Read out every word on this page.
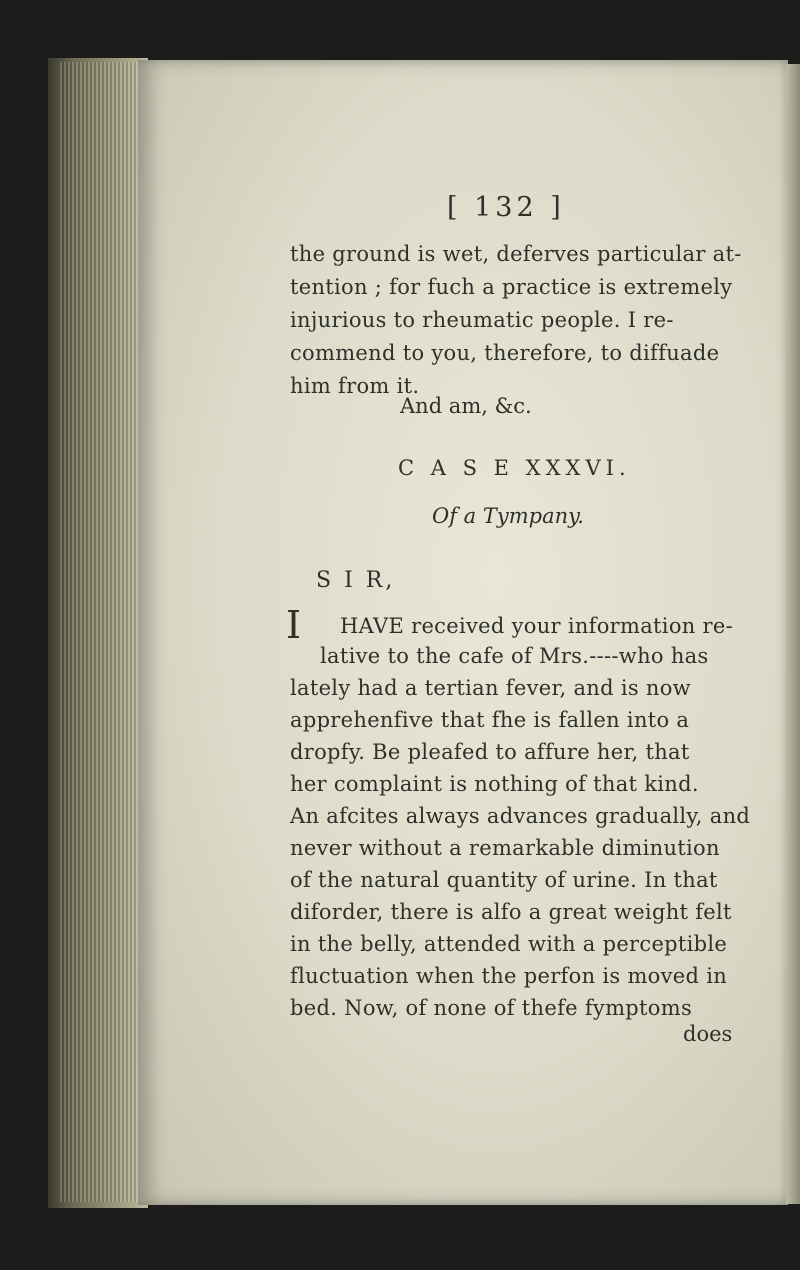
[ 132 ]
the ground is wet, deferves particular at-
tention ; for fuch a practice is extremely
injurious to rheumatic people. I re-
commend to you, therefore, to diffuade
him from it.
And am, &c.
C A S E XXXVI.
Of a Tympany.
S I R,
I HAVE received your information re-
lative to the cafe of Mrs.----who has
lately had a tertian fever, and is now
apprehenfive that fhe is fallen into a
dropfy. Be pleafed to affure her, that
her complaint is nothing of that kind.
An afcites always advances gradually, and
never without a remarkable diminution
of the natural quantity of urine. In that
diforder, there is alfo a great weight felt
in the belly, attended with a perceptible
fluctuation when the perfon is moved in
bed. Now, of none of thefe fymptoms
does
